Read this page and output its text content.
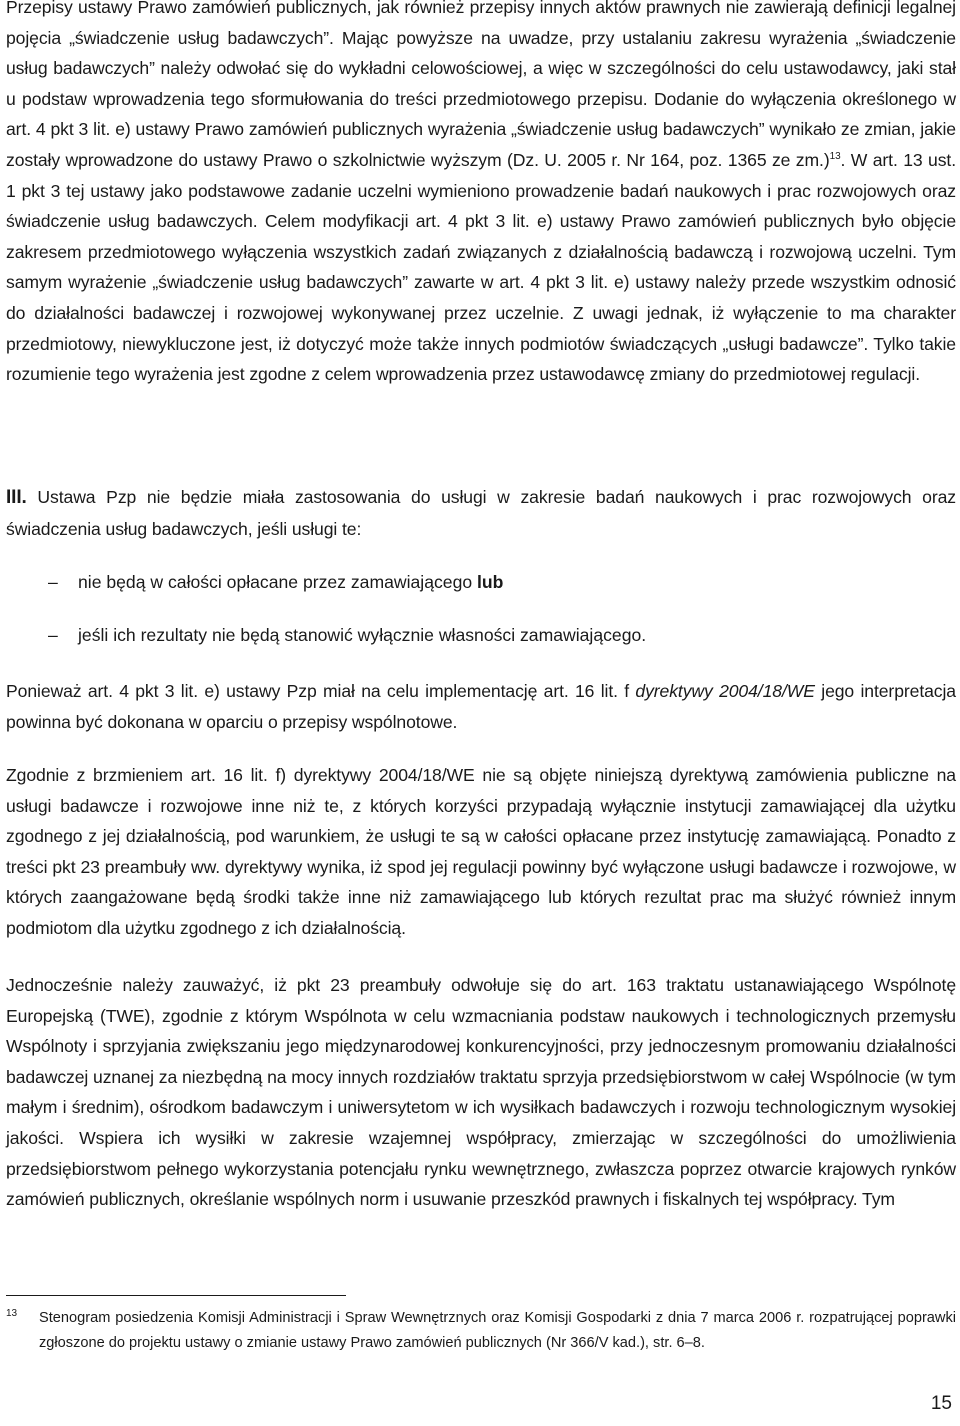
Przepisy ustawy Prawo zamówień publicznych, jak również przepisy innych aktów prawnych nie zawierają definicji legalnej pojęcia „świadczenie usług badawczych”. Mając powyższe na uwadze, przy ustalaniu zakresu wyrażenia „świadczenie usług badawczych” należy odwołać się do wykładni celowościowej, a więc w szczególności do celu ustawodawcy, jaki stał u podstaw wprowadzenia tego sformułowania do treści przedmiotowego przepisu. Dodanie do wyłączenia określonego w art. 4 pkt 3 lit. e) ustawy Prawo zamówień publicznych wyrażenia „świadczenie usług badawczych” wynikało ze zmian, jakie zostały wprowadzone do ustawy Prawo o szkolnictwie wyższym (Dz. U. 2005 r. Nr 164, poz. 1365 ze zm.)$^{13}$. W art. 13 ust. 1 pkt 3 tej ustawy jako podstawowe zadanie uczelni wymieniono prowadzenie badań naukowych i prac rozwojowych oraz świadczenie usług badawczych. Celem modyfikacji art. 4 pkt 3 lit. e) ustawy Prawo zamówień publicznych było objęcie zakresem przedmiotowego wyłączenia wszystkich zadań związanych z działalnością badawczą i rozwojową uczelni. Tym samym wyrażenie „świadczenie usług badawczych” zawarte w art. 4 pkt 3 lit. e) ustawy należy przede wszystkim odnosić do działalności badawczej i rozwojowej wykonywanej przez uczelnie. Z uwagi jednak, iż wyłączenie to ma charakter przedmiotowy, niewykluczone jest, iż dotyczyć może także innych podmiotów świadczących „usługi badawcze”. Tylko takie rozumienie tego wyrażenia jest zgodne z celem wprowadzenia przez ustawodawcę zmiany do przedmiotowej regulacji.

III. Ustawa Pzp nie będzie miała zastosowania do usługi w zakresie badań naukowych i prac rozwojowych oraz świadczenia usług badawczych, jeśli usługi te:

– nie będą w całości opłacane przez zamawiającego lub
– jeśli ich rezultaty nie będą stanowić wyłącznie własności zamawiającego.

Ponieważ art. 4 pkt 3 lit. e) ustawy Pzp miał na celu implementację art. 16 lit. f dyrektywy 2004/18/WE jego interpretacja powinna być dokonana w oparciu o przepisy wspólnotowe.

Zgodnie z brzmieniem art. 16 lit. f) dyrektywy 2004/18/WE nie są objęte niniejszą dyrektywą zamówienia publiczne na usługi badawcze i rozwojowe inne niż te, z których korzyści przypadają wyłącznie instytucji zamawiającej dla użytku zgodnego z jej działalnością, pod warunkiem, że usługi te są w całości opłacane przez instytucję zamawiającą. Ponadto z treści pkt 23 preambuły ww. dyrektywy wynika, iż spod jej regulacji powinny być wyłączone usługi badawcze i rozwojowe, w których zaangażowane będą środki także inne niż zamawiającego lub których rezultat prac ma służyć również innym podmiotom dla użytku zgodnego z ich działalnością.

Jednocześnie należy zauważyć, iż pkt 23 preambuły odwołuje się do art. 163 traktatu ustanawiającego Wspólnotę Europejską (TWE), zgodnie z którym Wspólnota w celu wzmacniania podstaw naukowych i technologicznych przemysłu Wspólnoty i sprzyjania zwiększaniu jego międzynarodowej konkurencyjności, przy jednoczesnym promowaniu działalności badawczej uznanej za niezbędną na mocy innych rozdziałów traktatu sprzyja przedsiębiorstwom w całej Wspólnocie (w tym małym i średnim), ośrodkom badawczym i uniwersytetom w ich wysiłkach badawczych i rozwoju technologicznym wysokiej jakości. Wspiera ich wysiłki w zakresie wzajemnej współpracy, zmierzając w szczególności do umożliwienia przedsiębiorstwom pełnego wykorzystania potencjału rynku wewnętrznego, zwłaszcza poprzez otwarcie krajowych rynków zamówień publicznych, określanie wspólnych norm i usuwanie przeszkód prawnych i fiskalnych tej współpracy. Tym

13 Stenogram posiedzenia Komisji Administracji i Spraw Wewnętrznych oraz Komisji Gospodarki z dnia 7 marca 2006 r. rozpatrującej poprawki zgłoszone do projektu ustawy o zmianie ustawy Prawo zamówień publicznych (Nr 366/V kad.), str. 6–8.
15
